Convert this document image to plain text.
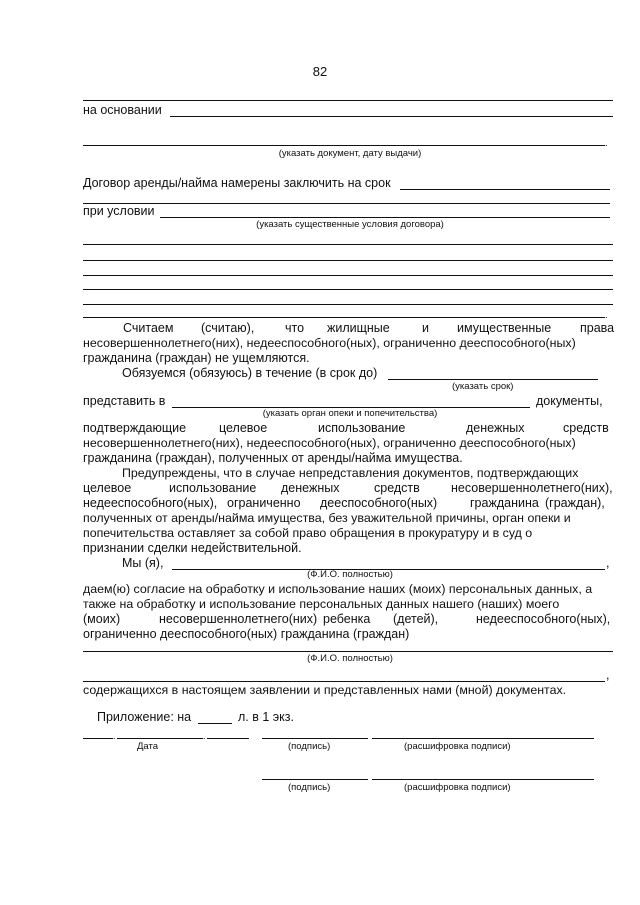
82
на основании
.
(указать документ, дату выдачи)
Договор аренды/найма намерены заключить на срок
при условии
(указать существенные условия договора)
.
Считаем (считаю), что жилищные	и имущественные права
несовершеннолетнего(них), недееспособного(ных), ограниченно дееспособного(ных)
гражданина (граждан) не ущемляются.
Обязуемся (обязуюсь) в течение (в срок до)
(указать срок)
представить в	документы,
(указать орган опеки и попечительства)
подтверждающие	целевое	использование	денежных	средств
несовершеннолетнего(них), недееспособного(ных), ограниченно дееспособного(ных)
гражданина (граждан), полученных от аренды/найма имущества.
Предупреждены, что в случае непредставления документов, подтверждающих
целевое	использование денежных	средств несовершеннолетнего(них),
недееспособного(ных), ограниченно дееспособного(ных)	гражданина (граждан),
полученных от аренды/найма имущества, без уважительной причины, орган опеки и
попечительства оставляет за собой право обращения в прокуратуру и в суд о
признании сделки недействительной.
Мы (я),	,
(Ф.И.О. полностью)
даем(ю) согласие на обработку и использование наших (моих) персональных данных, а
также на обработку и использование персональных данных нашего (наших) моего
(моих)	несовершеннолетнего(них) ребенка (детей),	недееспособного(ных),
ограниченно дееспособного(ных) гражданина (граждан)
(Ф.И.О. полностью)
,
содержащихся в настоящем заявлении и представленных нами (мной) документах.
Приложение: на	л. в 1 экз.
.	.
Дата	(подпись)	(расшифровка подписи)
(подпись)	(расшифровка подписи)
